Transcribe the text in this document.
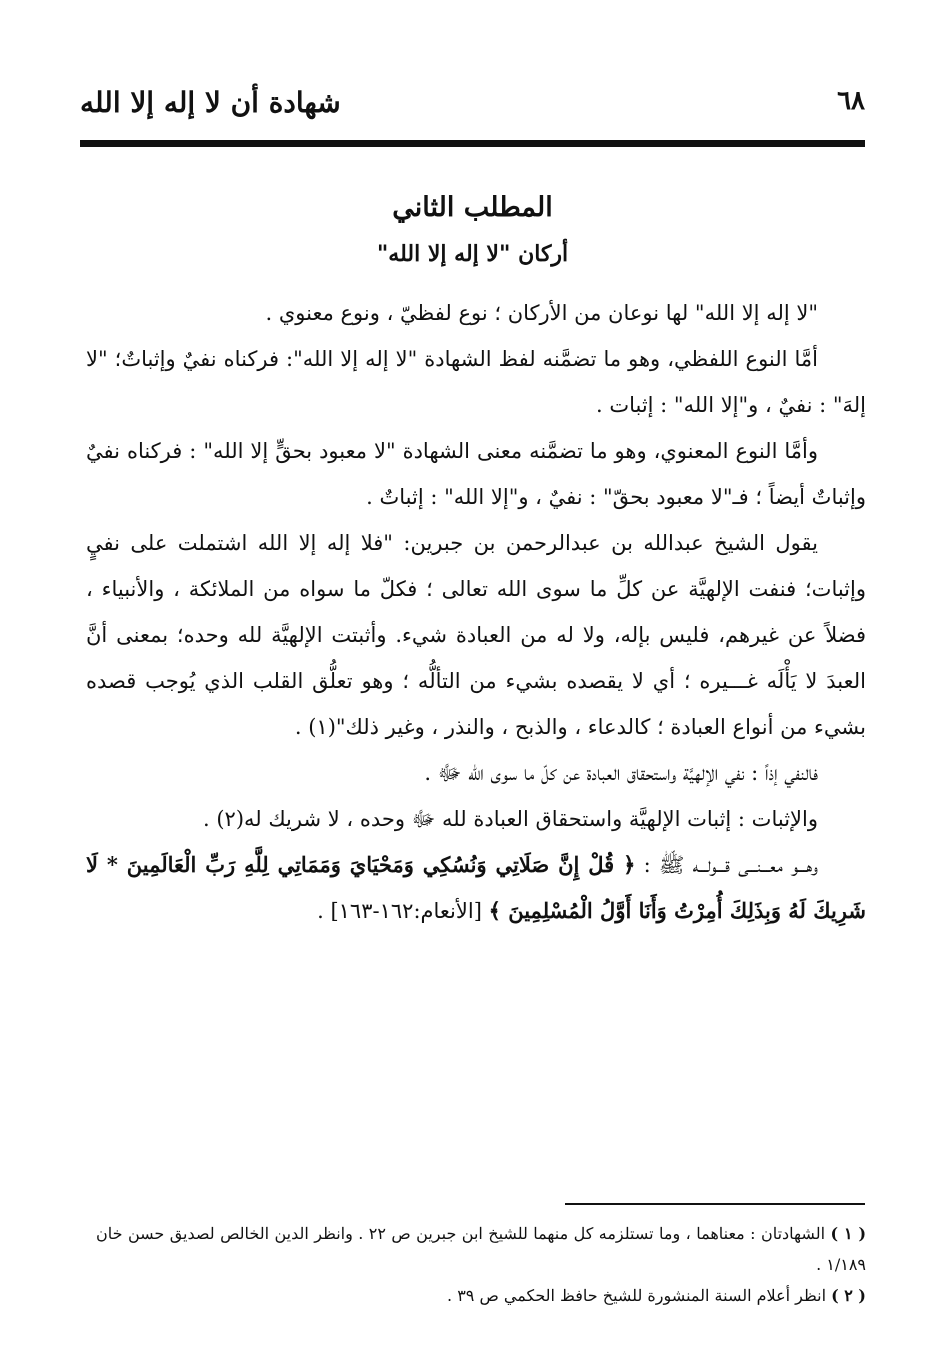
٦٨
شهادة أن لا إله إلا الله
المطلب الثاني
أركان "لا إله إلا الله"

"لا إله إلا الله" لها نوعان من الأركان ؛ نوع لفظيّ ، ونوع معنوي .

أمَّا النوع اللفظي، وهو ما تضمَّنه لفظ الشهادة "لا إله إلا الله": فركناه نفيٌ وإثباتٌ؛ "لا إلهَ" : نفيٌ ، و"إلا الله" : إثبات .

وأمَّا النوع المعنوي، وهو ما تضمَّنه معنى الشهادة "لا معبود بحقٍّ إلا الله" : فركناه نفيٌ وإثباتٌ أيضاً ؛ فـ"لا معبود بحقّ" : نفيٌ ، و"إلا الله" : إثباتٌ .

يقول الشيخ عبدالله بن عبدالرحمن بن جبرين: "فلا إله إلا الله اشتملت على نفيٍ وإثبات؛ فنفت الإلهيَّة عن كلِّ ما سوى الله تعالى ؛ فكلّ ما سواه من الملائكة ، والأنبياء ، فضلاً عن غيرهم، فليس بإله، ولا له من العبادة شيء. وأثبتت الإلهيَّة لله وحده؛ بمعنى أنَّ العبدَ لا يَأْلَه غـــيره ؛ أي لا يقصده بشيء من التألُّه ؛ وهو تعلُّق القلب الذي يُوجب قصده بشيء من أنواع العبادة ؛ كالدعاء ، والذبح ، والنذر ، وغير ذلك"(١) .

فالنفي إذاً : نفي الإلهيَّة واستحقاق العبادة عن كلّ ما سوى الله ﷻ .

والإثبات : إثبات الإلهيَّة واستحقاق العبادة لله ﷻ وحده ، لا شريك له(٢) .

وهـــو معـــنـــى قـــولـــه ﷺ : ﴿ قُلْ إِنَّ صَلَاتِي وَنُسُكِي وَمَحْيَايَ وَمَمَاتِي لِلَّهِ رَبِّ الْعَالَمِينَ * لَا شَرِيكَ لَهُ وَبِذَلِكَ أُمِرْتُ وَأَنَا أَوَّلُ الْمُسْلِمِينَ ﴾ [الأنعام:١٦٢-١٦٣] .

( ١ ) الشهادتان : معناهما ، وما تستلزمه كل منهما للشيخ ابن جبرين ص ٢٢ . وانظر الدين الخالص لصديق حسن خان ١/١٨٩ .

( ٢ ) انظر أعلام السنة المنشورة للشيخ حافظ الحكمي ص ٣٩ .
